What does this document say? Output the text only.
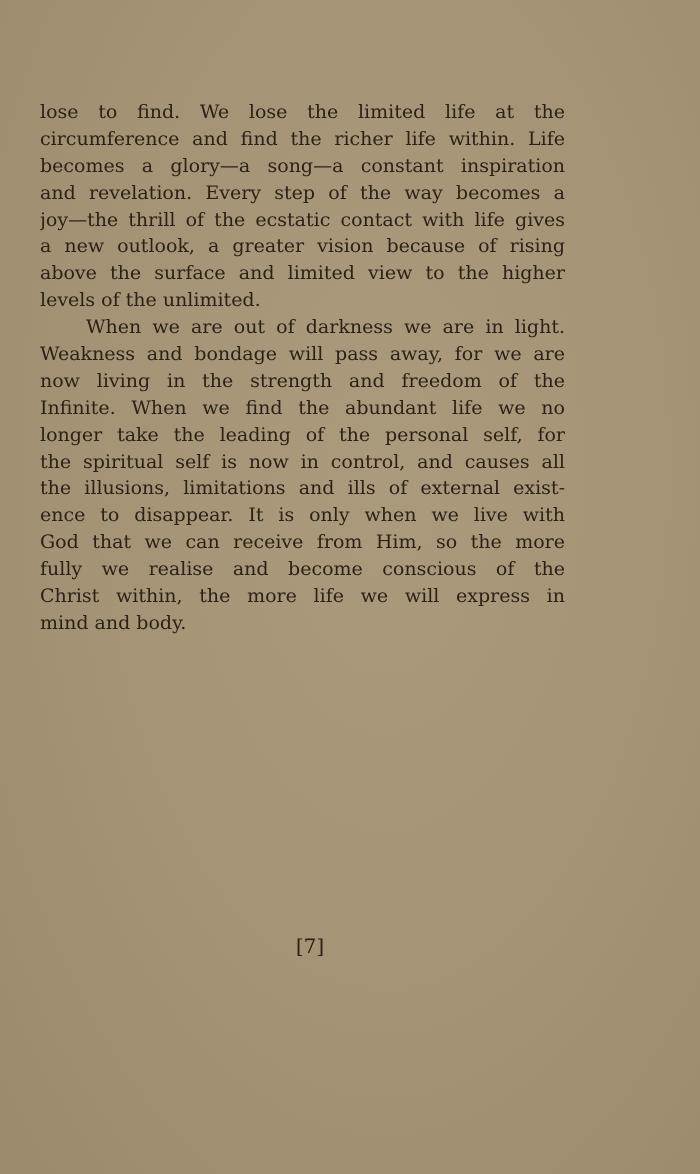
lose to find. We lose the limited life at the
circumference and find the richer life within. Life
becomes a glory—a song—a constant inspiration
and revelation. Every step of the way becomes a
joy—the thrill of the ecstatic contact with life gives
a new outlook, a greater vision because of rising
above the surface and limited view to the higher
levels of the unlimited.
When we are out of darkness we are in light.
Weakness and bondage will pass away, for we are
now living in the strength and freedom of the
Infinite. When we find the abundant life we no
longer take the leading of the personal self, for
the spiritual self is now in control, and causes all
the illusions, limitations and ills of external exist-
ence to disappear. It is only when we live with
God that we can receive from Him, so the more
fully we realise and become conscious of the
Christ within, the more life we will express in
mind and body.
[7]
